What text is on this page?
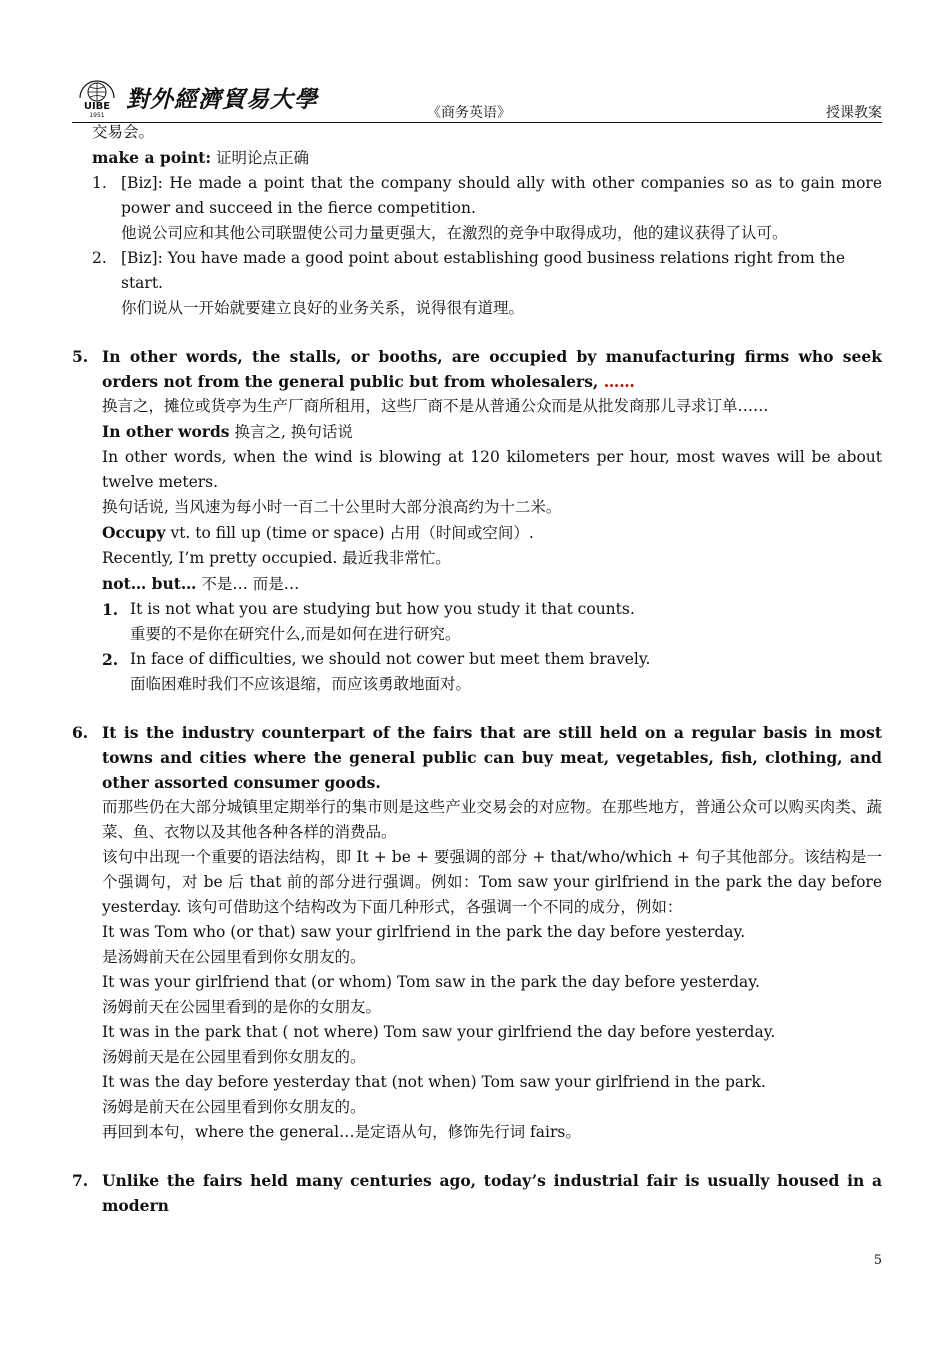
UIBE
1951
對外經濟貿易大學
《商务英语》	授课教案

交易会。

make a point: 证明论点正确

1. [Biz]: He made a point that the company should ally with other companies so as to gain more power and succeed in the fierce competition.
他说公司应和其他公司联盟使公司力量更强大，在激烈的竞争中取得成功，他的建议获得了认可。
2. [Biz]: You have made a good point about establishing good business relations right from the start.
你们说从一开始就要建立良好的业务关系，说得很有道理。
5. In other words, the stalls, or booths, are occupied by manufacturing firms who seek orders not from the general public but from wholesalers, ……
换言之，摊位或货亭为生产厂商所租用，这些厂商不是从普通公众而是从批发商那儿寻求订单……
In other words 换言之, 换句话说
In other words, when the wind is blowing at 120 kilometers per hour, most waves will be about twelve meters.
换句话说, 当风速为每小时一百二十公里时大部分浪高约为十二米。
Occupy vt. to fill up (time or space) 占用（时间或空间）.
Recently, I’m pretty occupied. 最近我非常忙。
not… but… 不是… 而是…
1. It is not what you are studying but how you study it that counts.
重要的不是你在研究什么,而是如何在进行研究。
2. In face of difficulties, we should not cower but meet them bravely.
面临困难时我们不应该退缩，而应该勇敢地面对。
6. It is the industry counterpart of the fairs that are still held on a regular basis in most towns and cities where the general public can buy meat, vegetables, fish, clothing, and other assorted consumer goods.
而那些仍在大部分城镇里定期举行的集市则是这些产业交易会的对应物。在那些地方，普通公众可以购买肉类、蔬菜、鱼、衣物以及其他各种各样的消费品。
该句中出现一个重要的语法结构，即 It + be + 要强调的部分 + that/who/which + 句子其他部分。该结构是一个强调句，对 be 后 that 前的部分进行强调。例如：Tom saw your girlfriend in the park the day before yesterday. 该句可借助这个结构改为下面几种形式，各强调一个不同的成分，例如：
It was Tom who (or that) saw your girlfriend in the park the day before yesterday.
是汤姆前天在公园里看到你女朋友的。
It was your girlfriend that (or whom) Tom saw in the park the day before yesterday.
汤姆前天在公园里看到的是你的女朋友。
It was in the park that ( not where) Tom saw your girlfriend the day before yesterday.
汤姆前天是在公园里看到你女朋友的。
It was the day before yesterday that (not when) Tom saw your girlfriend in the park.
汤姆是前天在公园里看到你女朋友的。
再回到本句，where the general…是定语从句，修饰先行词 fairs。
7. Unlike the fairs held many centuries ago, today’s industrial fair is usually housed in a modern
5
